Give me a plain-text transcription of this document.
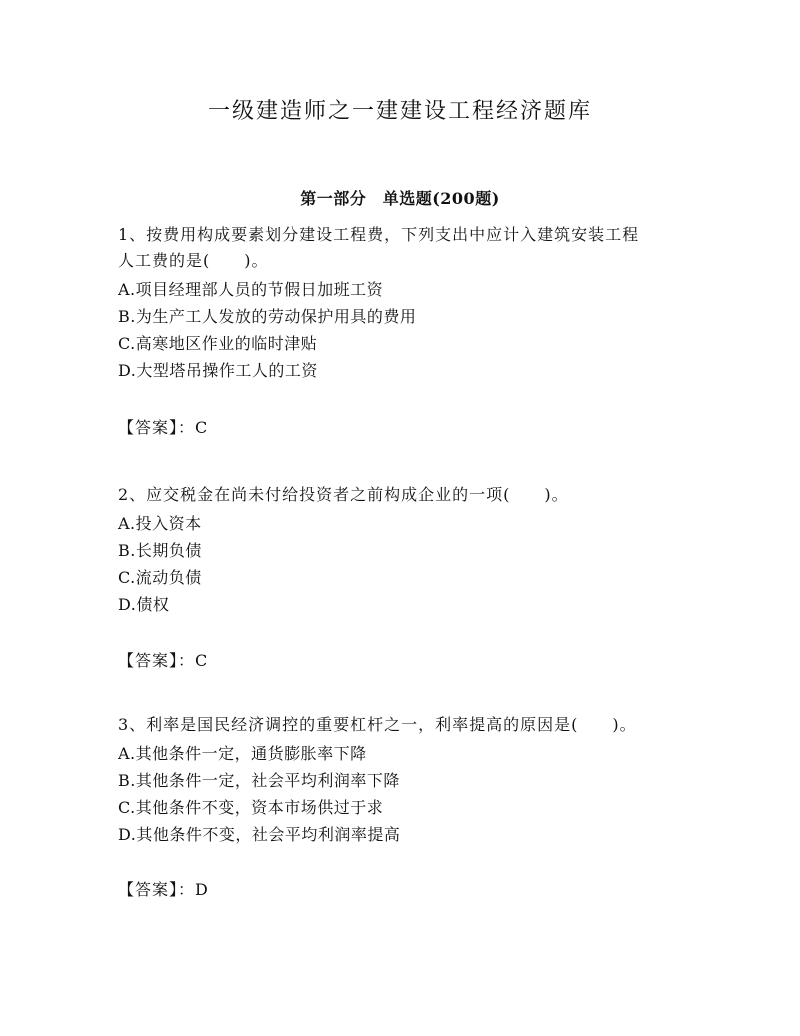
一级建造师之一建建设工程经济题库
第一部分　单选题(200题)

1、按费用构成要素划分建设工程费，下列支出中应计入建筑安装工程
人工费的是(　　)。

A.项目经理部人员的节假日加班工资
B.为生产工人发放的劳动保护用具的费用
C.高寒地区作业的临时津贴
D.大型塔吊操作工人的工资
【答案】：C

2、应交税金在尚未付给投资者之前构成企业的一项(　　)。

A.投入资本
B.长期负债
C.流动负债
D.债权
【答案】：C

3、利率是国民经济调控的重要杠杆之一，利率提高的原因是(　　)。

A.其他条件一定，通货膨胀率下降
B.其他条件一定，社会平均利润率下降
C.其他条件不变，资本市场供过于求
D.其他条件不变，社会平均利润率提高
【答案】：D
